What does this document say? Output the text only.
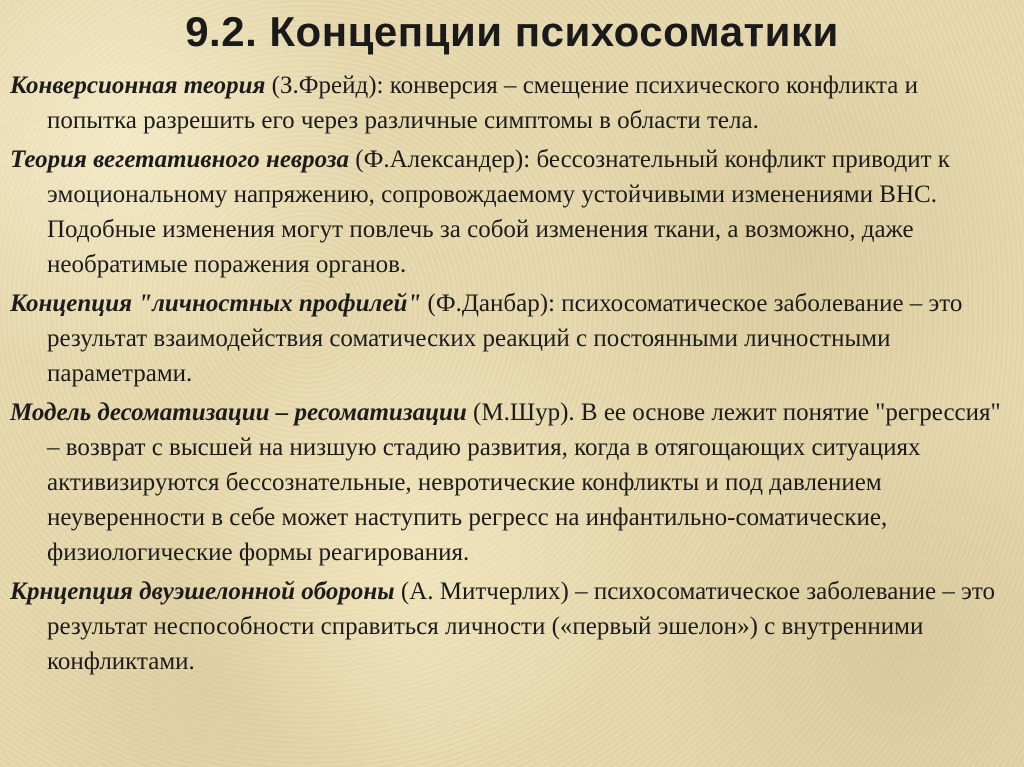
9.2. Концепции психосоматики

Конверсионная теория (З.Фрейд): конверсия – смещение психического конфликта и попытка разрешить его через различные симптомы в области тела.

Теория вегетативного невроза (Ф.Александер): бессознательный конфликт приводит к эмоциональному напряжению, сопровождаемому устойчивыми изменениями ВНС. Подобные изменения могут повлечь за собой изменения ткани, а возможно, даже необратимые поражения органов.

Концепция "личностных профилей" (Ф.Данбар): психосоматическое заболевание – это результат взаимодействия соматических реакций с постоянными личностными параметрами.

Модель десоматизации – ресоматизации (М.Шур). В ее основе лежит понятие "регрессия" – возврат с высшей на низшую стадию развития, когда в отягощающих ситуациях активизируются бессознательные, невротические конфликты и под давлением неуверенности в себе может наступить регресс на инфантильно-соматические, физиологические формы реагирования.

Крнцепция двуэшелонной обороны (А. Митчерлих) – психосоматическое заболевание – это результат неспособности справиться личности («первый эшелон») с внутренними конфликтами.
